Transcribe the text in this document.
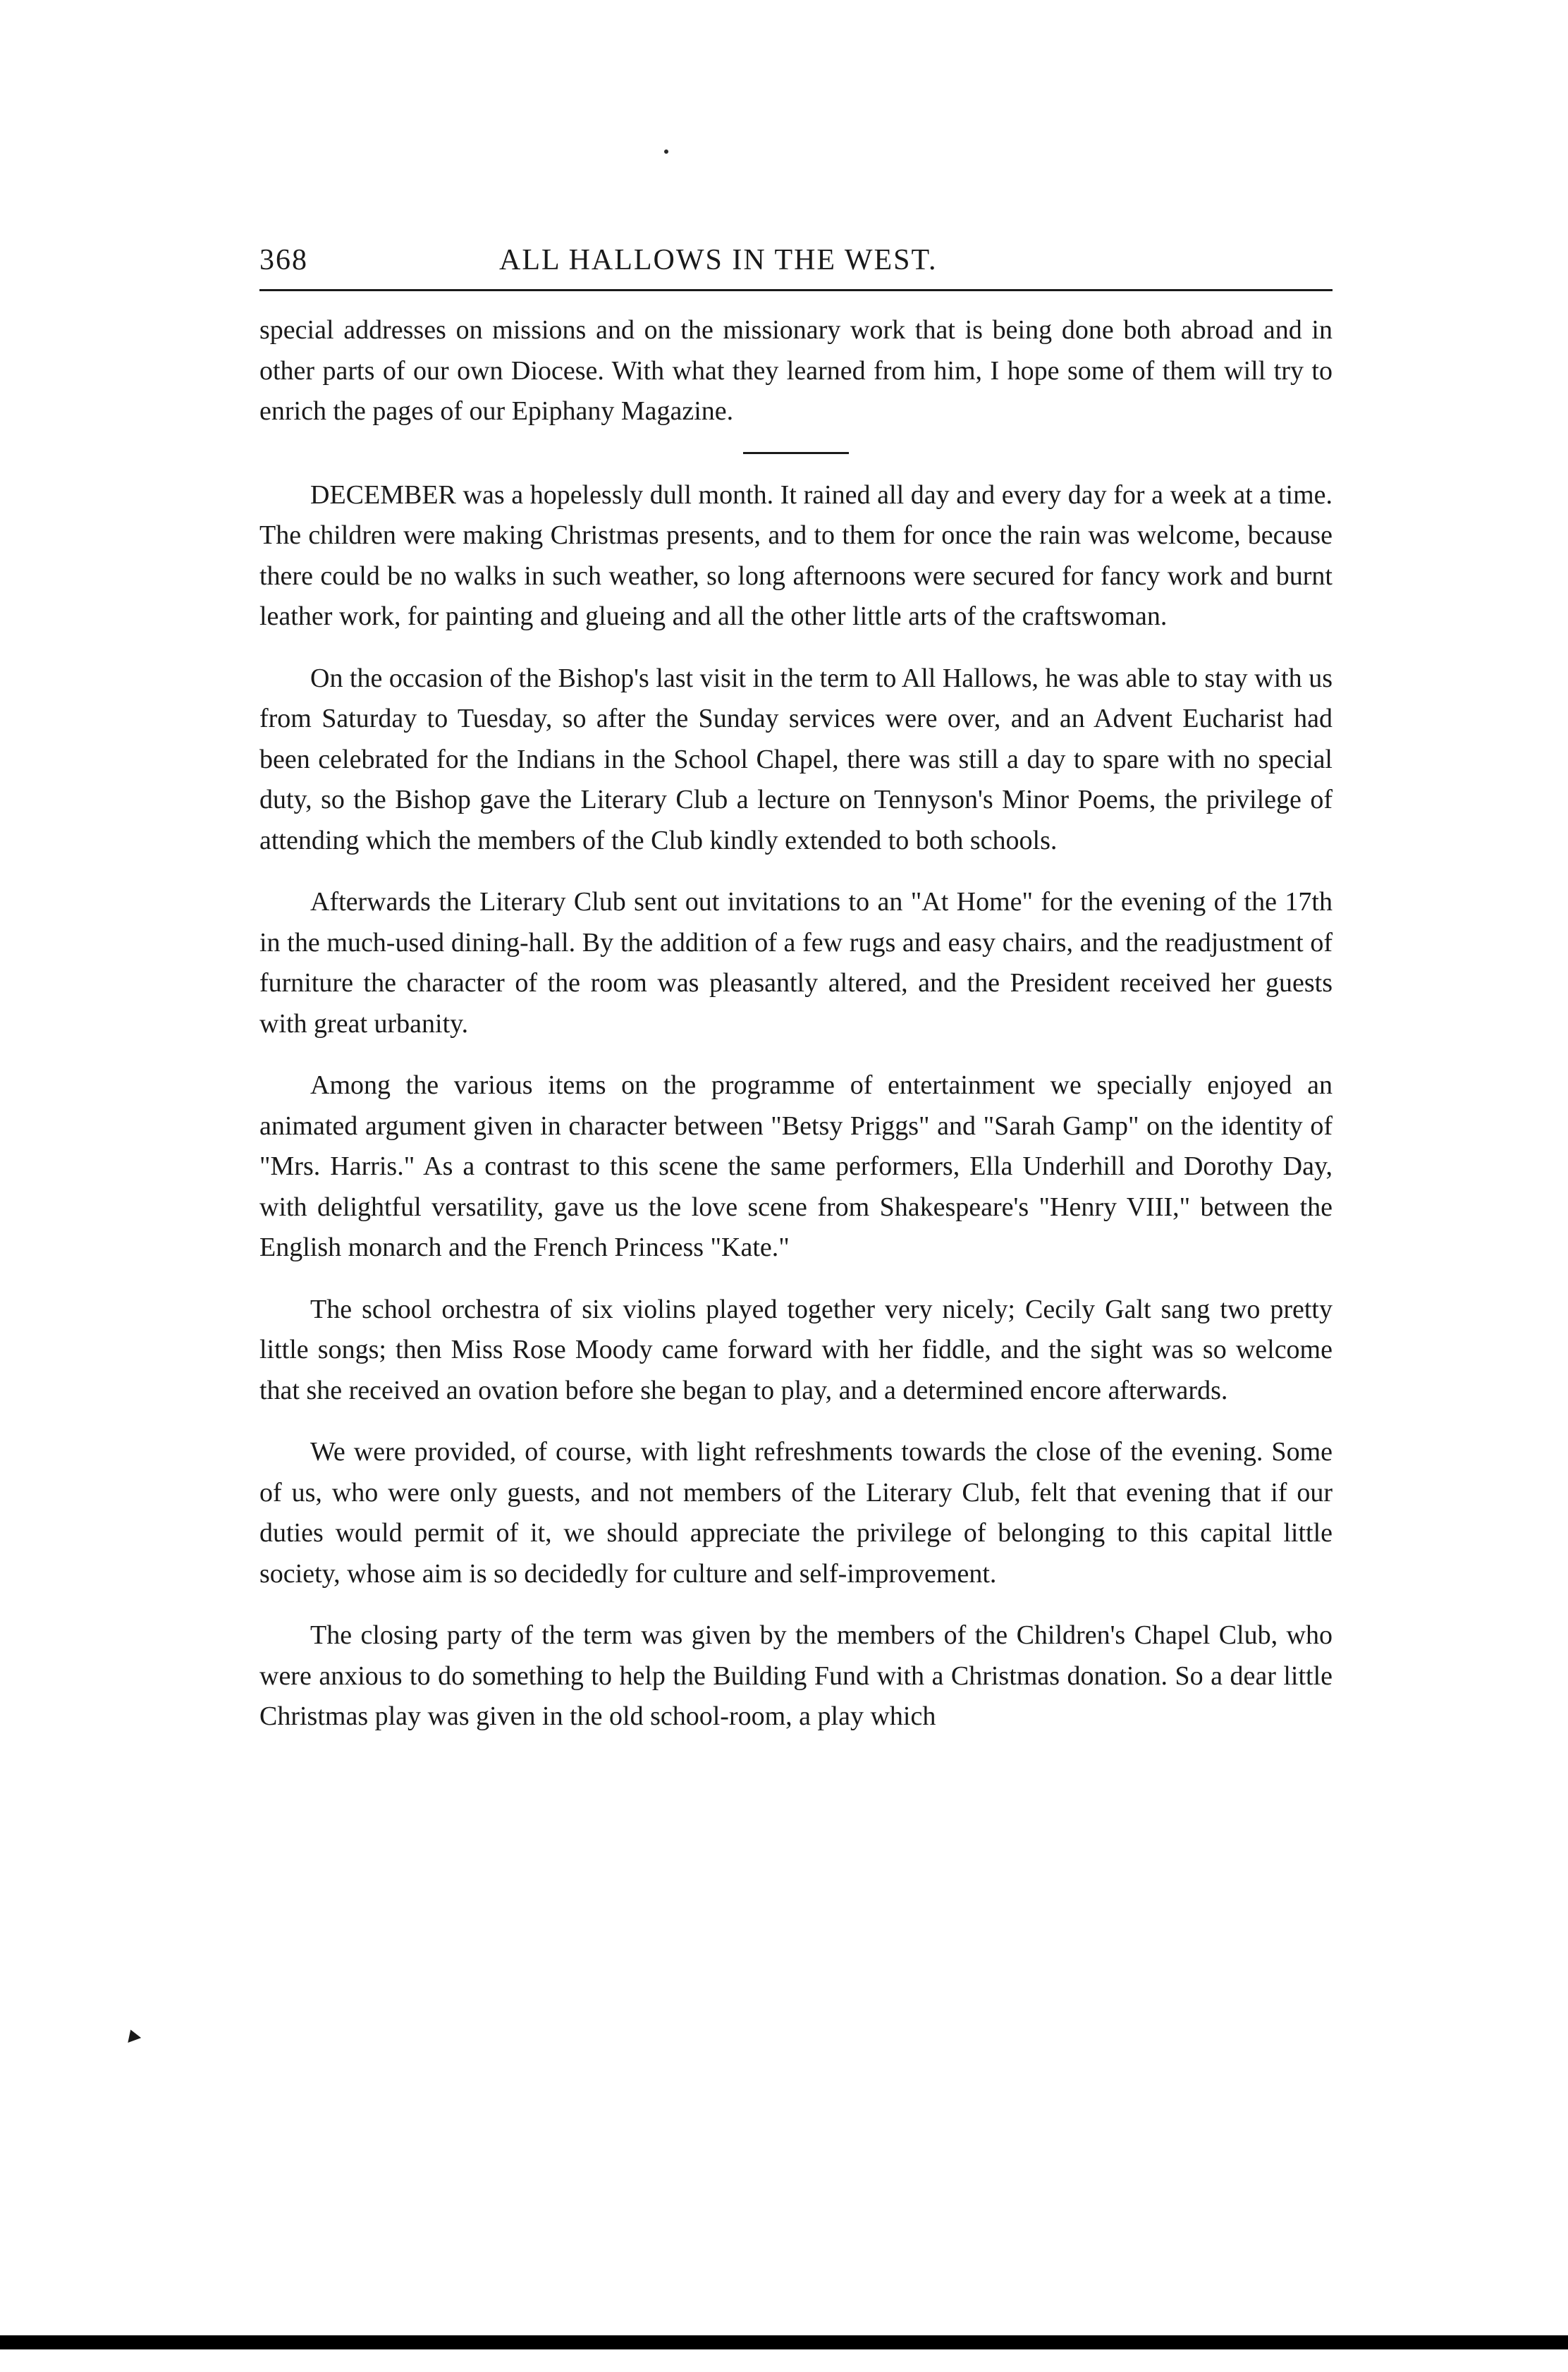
368	ALL HALLOWS IN THE WEST.

special addresses on missions and on the missionary work that is being done both abroad and in other parts of our own Diocese. With what they learned from him, I hope some of them will try to enrich the pages of our Epiphany Magazine.

DECEMBER was a hopelessly dull month. It rained all day and every day for a week at a time. The children were making Christmas presents, and to them for once the rain was welcome, because there could be no walks in such weather, so long afternoons were secured for fancy work and burnt leather work, for painting and glueing and all the other little arts of the craftswoman.

On the occasion of the Bishop's last visit in the term to All Hallows, he was able to stay with us from Saturday to Tuesday, so after the Sunday services were over, and an Advent Eucharist had been celebrated for the Indians in the School Chapel, there was still a day to spare with no special duty, so the Bishop gave the Literary Club a lecture on Tennyson's Minor Poems, the privilege of attending which the members of the Club kindly extended to both schools.

Afterwards the Literary Club sent out invitations to an "At Home" for the evening of the 17th in the much-used dining-hall. By the addition of a few rugs and easy chairs, and the readjustment of furniture the character of the room was pleasantly altered, and the President received her guests with great urbanity.

Among the various items on the programme of entertainment we specially enjoyed an animated argument given in character between "Betsy Priggs" and "Sarah Gamp" on the identity of "Mrs. Harris." As a contrast to this scene the same performers, Ella Underhill and Dorothy Day, with delightful versatility, gave us the love scene from Shakespeare's "Henry VIII," between the English monarch and the French Princess "Kate."

The school orchestra of six violins played together very nicely; Cecily Galt sang two pretty little songs; then Miss Rose Moody came forward with her fiddle, and the sight was so welcome that she received an ovation before she began to play, and a determined encore afterwards.

We were provided, of course, with light refreshments towards the close of the evening. Some of us, who were only guests, and not members of the Literary Club, felt that evening that if our duties would permit of it, we should appreciate the privilege of belonging to this capital little society, whose aim is so decidedly for culture and self-improvement.

The closing party of the term was given by the members of the Children's Chapel Club, who were anxious to do something to help the Building Fund with a Christmas donation. So a dear little Christmas play was given in the old school-room, a play which
